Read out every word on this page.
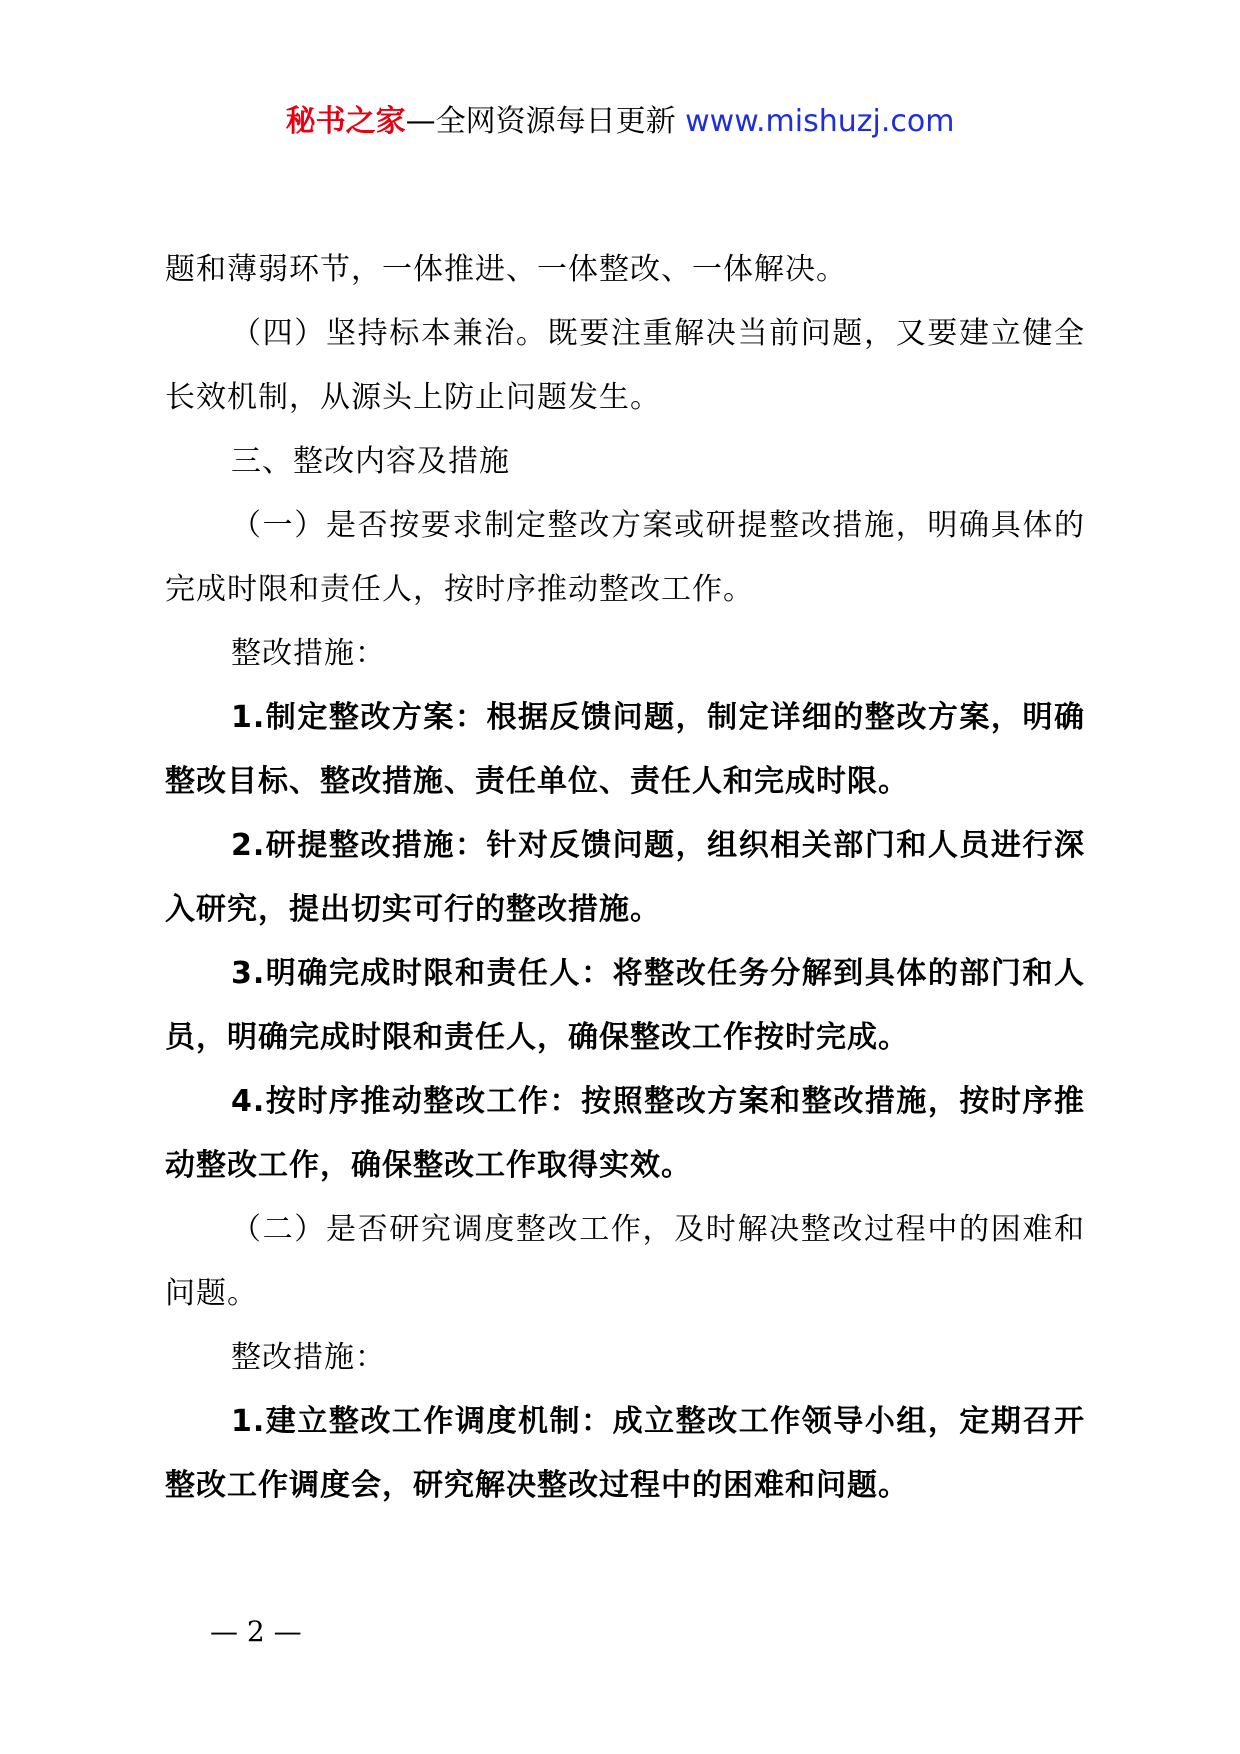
秘书之家—全网资源每日更新 www.mishuzj.com

题和薄弱环节，一体推进、一体整改、一体解决。

（四）坚持标本兼治。既要注重解决当前问题，又要建立健全长效机制，从源头上防止问题发生。

三、整改内容及措施

（一）是否按要求制定整改方案或研提整改措施，明确具体的完成时限和责任人，按时序推动整改工作。

整改措施：

1.制定整改方案：根据反馈问题，制定详细的整改方案，明确整改目标、整改措施、责任单位、责任人和完成时限。

2.研提整改措施：针对反馈问题，组织相关部门和人员进行深入研究，提出切实可行的整改措施。

3.明确完成时限和责任人：将整改任务分解到具体的部门和人员，明确完成时限和责任人，确保整改工作按时完成。

4.按时序推动整改工作：按照整改方案和整改措施，按时序推动整改工作，确保整改工作取得实效。

（二）是否研究调度整改工作，及时解决整改过程中的困难和问题。

整改措施：

1.建立整改工作调度机制：成立整改工作领导小组，定期召开整改工作调度会，研究解决整改过程中的困难和问题。

— 2 —
